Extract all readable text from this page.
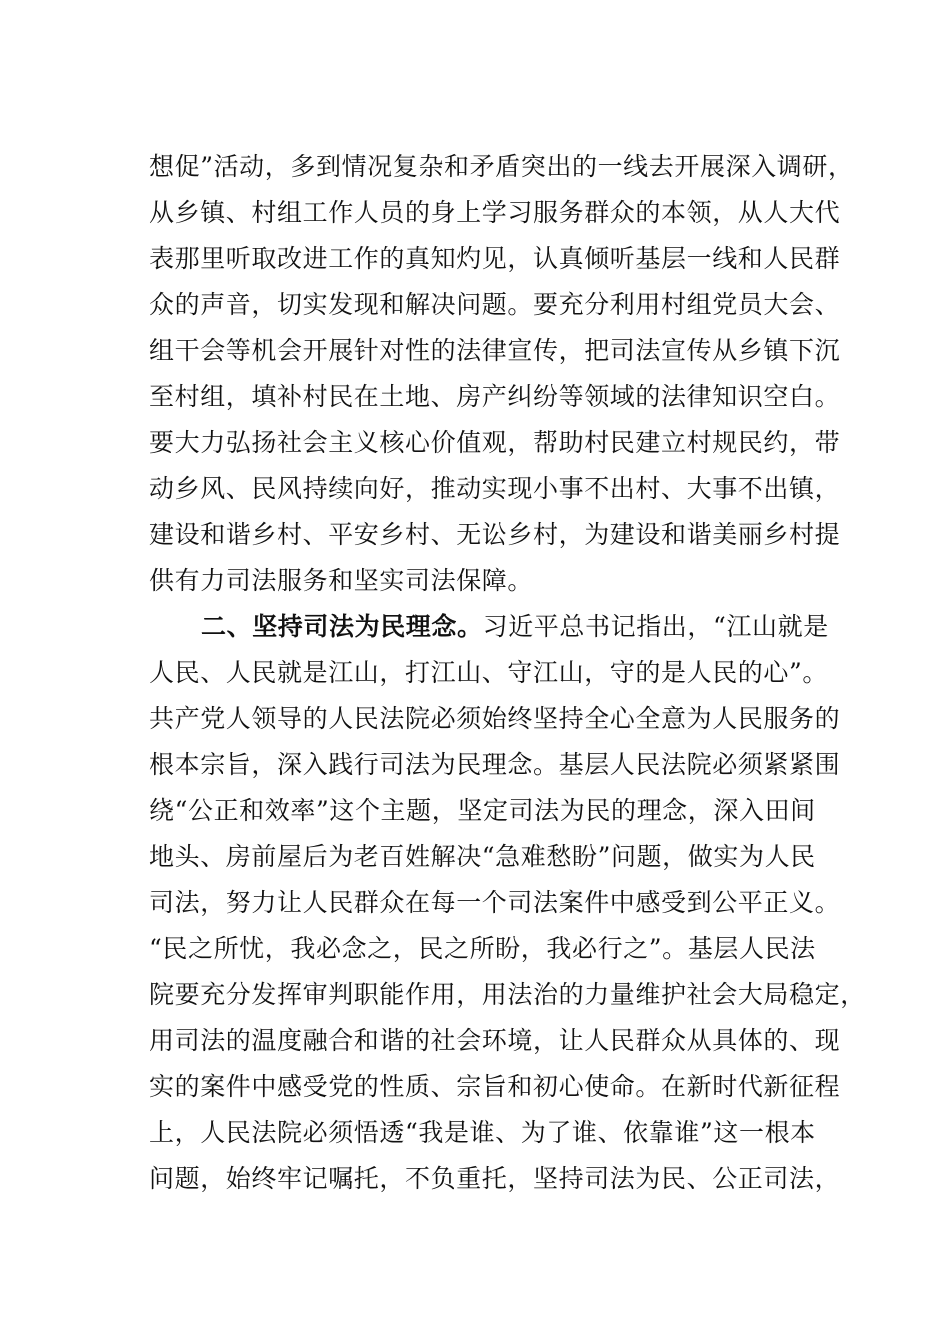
想促”活动，多到情况复杂和矛盾突出的一线去开展深入调研，
从乡镇、村组工作人员的身上学习服务群众的本领，从人大代
表那里听取改进工作的真知灼见，认真倾听基层一线和人民群
众的声音，切实发现和解决问题。要充分利用村组党员大会、
组干会等机会开展针对性的法律宣传，把司法宣传从乡镇下沉
至村组，填补村民在土地、房产纠纷等领域的法律知识空白。
要大力弘扬社会主义核心价值观，帮助村民建立村规民约，带
动乡风、民风持续向好，推动实现小事不出村、大事不出镇，
建设和谐乡村、平安乡村、无讼乡村，为建设和谐美丽乡村提
供有力司法服务和坚实司法保障。
二、坚持司法为民理念。习近平总书记指出，“江山就是
人民、人民就是江山，打江山、守江山，守的是人民的心”。
共产党人领导的人民法院必须始终坚持全心全意为人民服务的
根本宗旨，深入践行司法为民理念。基层人民法院必须紧紧围
绕“公正和效率”这个主题，坚定司法为民的理念，深入田间
地头、房前屋后为老百姓解决“急难愁盼”问题，做实为人民
司法，努力让人民群众在每一个司法案件中感受到公平正义。
“民之所忧，我必念之，民之所盼，我必行之”。基层人民法
院要充分发挥审判职能作用，用法治的力量维护社会大局稳定，
用司法的温度融合和谐的社会环境，让人民群众从具体的、现
实的案件中感受党的性质、宗旨和初心使命。在新时代新征程
上，人民法院必须悟透“我是谁、为了谁、依靠谁”这一根本
问题，始终牢记嘱托，不负重托，坚持司法为民、公正司法，
